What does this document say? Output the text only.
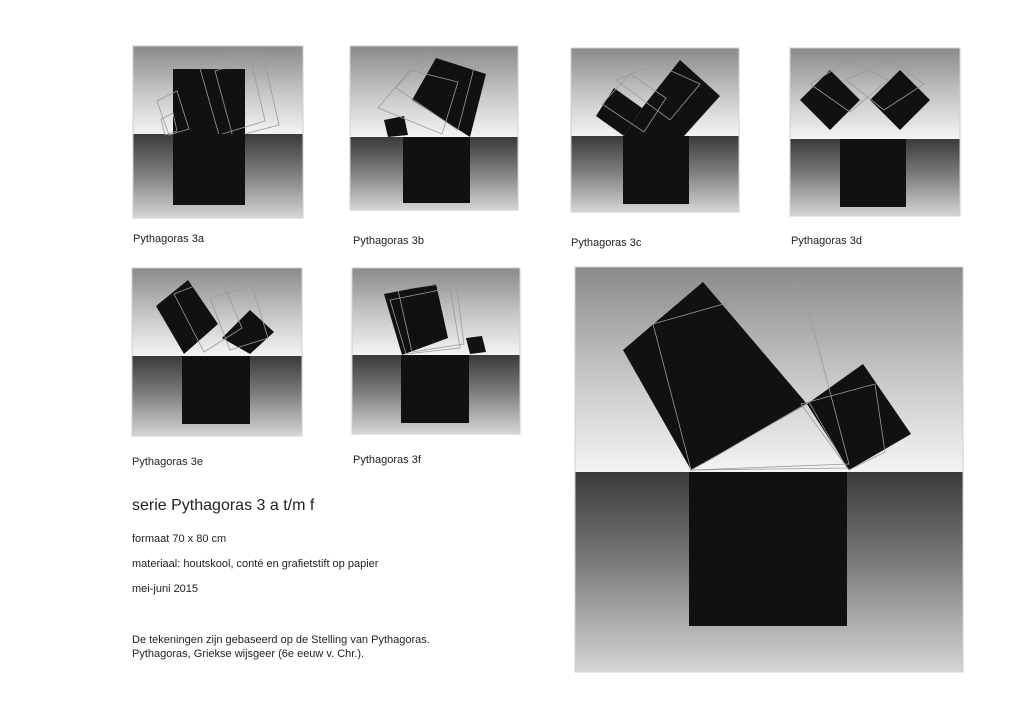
Pythagoras 3a	Pythagoras 3b	Pythagoras 3c	Pythagoras 3d
Pythagoras 3e	Pythagoras 3f
serie Pythagoras 3 a t/m f
formaat 70 x 80 cm
materiaal: houtskool, conté en grafietstift op papier
mei-juni 2015
De tekeningen zijn gebaseerd op de Stelling van Pythagoras.
Pythagoras, Griekse wijsgeer (6e eeuw v. Chr.).
